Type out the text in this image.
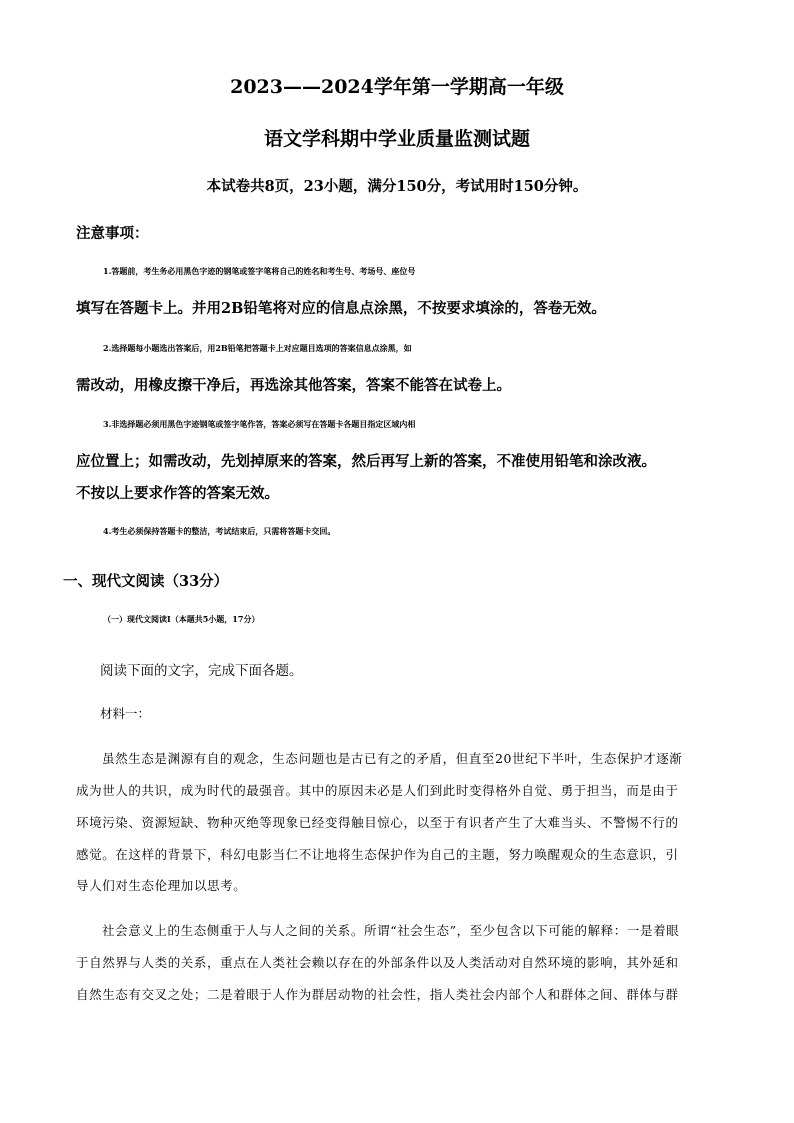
2023——2024学年第一学期高一年级
语文学科期中学业质量监测试题
本试卷共8页，23小题，满分150分，考试用时150分钟。
注意事项：
1.答题前，考生务必用黑色字迹的钢笔或签字笔将自己的姓名和考生号、考场号、座位号
填写在答题卡上。并用2B铅笔将对应的信息点涂黑，不按要求填涂的，答卷无效。
2.选择题每小题选出答案后，用2B铅笔把答题卡上对应题目选项的答案信息点涂黑，如
需改动，用橡皮擦干净后，再选涂其他答案，答案不能答在试卷上。
3.非选择题必须用黑色字迹钢笔或签字笔作答，答案必须写在答题卡各题目指定区域内相
应位置上；如需改动，先划掉原来的答案，然后再写上新的答案，不准使用铅笔和涂改液。
不按以上要求作答的答案无效。
4.考生必须保持答题卡的整洁，考试结束后，只需将答题卡交回。
一、现代文阅读（33分）
（一）现代文阅读Ⅰ（本题共5小题，17分）
阅读下面的文字，完成下面各题。
材料一：
虽然生态是渊源有自的观念，生态问题也是古已有之的矛盾，但直至20世纪下半叶，生态保护才逐渐
成为世人的共识，成为时代的最强音。其中的原因未必是人们到此时变得格外自觉、勇于担当，而是由于
环境污染、资源短缺、物种灭绝等现象已经变得触目惊心，以至于有识者产生了大难当头、不警惕不行的
感觉。在这样的背景下，科幻电影当仁不让地将生态保护作为自己的主题，努力唤醒观众的生态意识，引
导人们对生态伦理加以思考。
社会意义上的生态侧重于人与人之间的关系。所谓“社会生态”，至少包含以下可能的解释：一是着眼
于自然界与人类的关系，重点在人类社会赖以存在的外部条件以及人类活动对自然环境的影响，其外延和
自然生态有交叉之处；二是着眼于人作为群居动物的社会性，指人类社会内部个人和群体之间、群体与群
